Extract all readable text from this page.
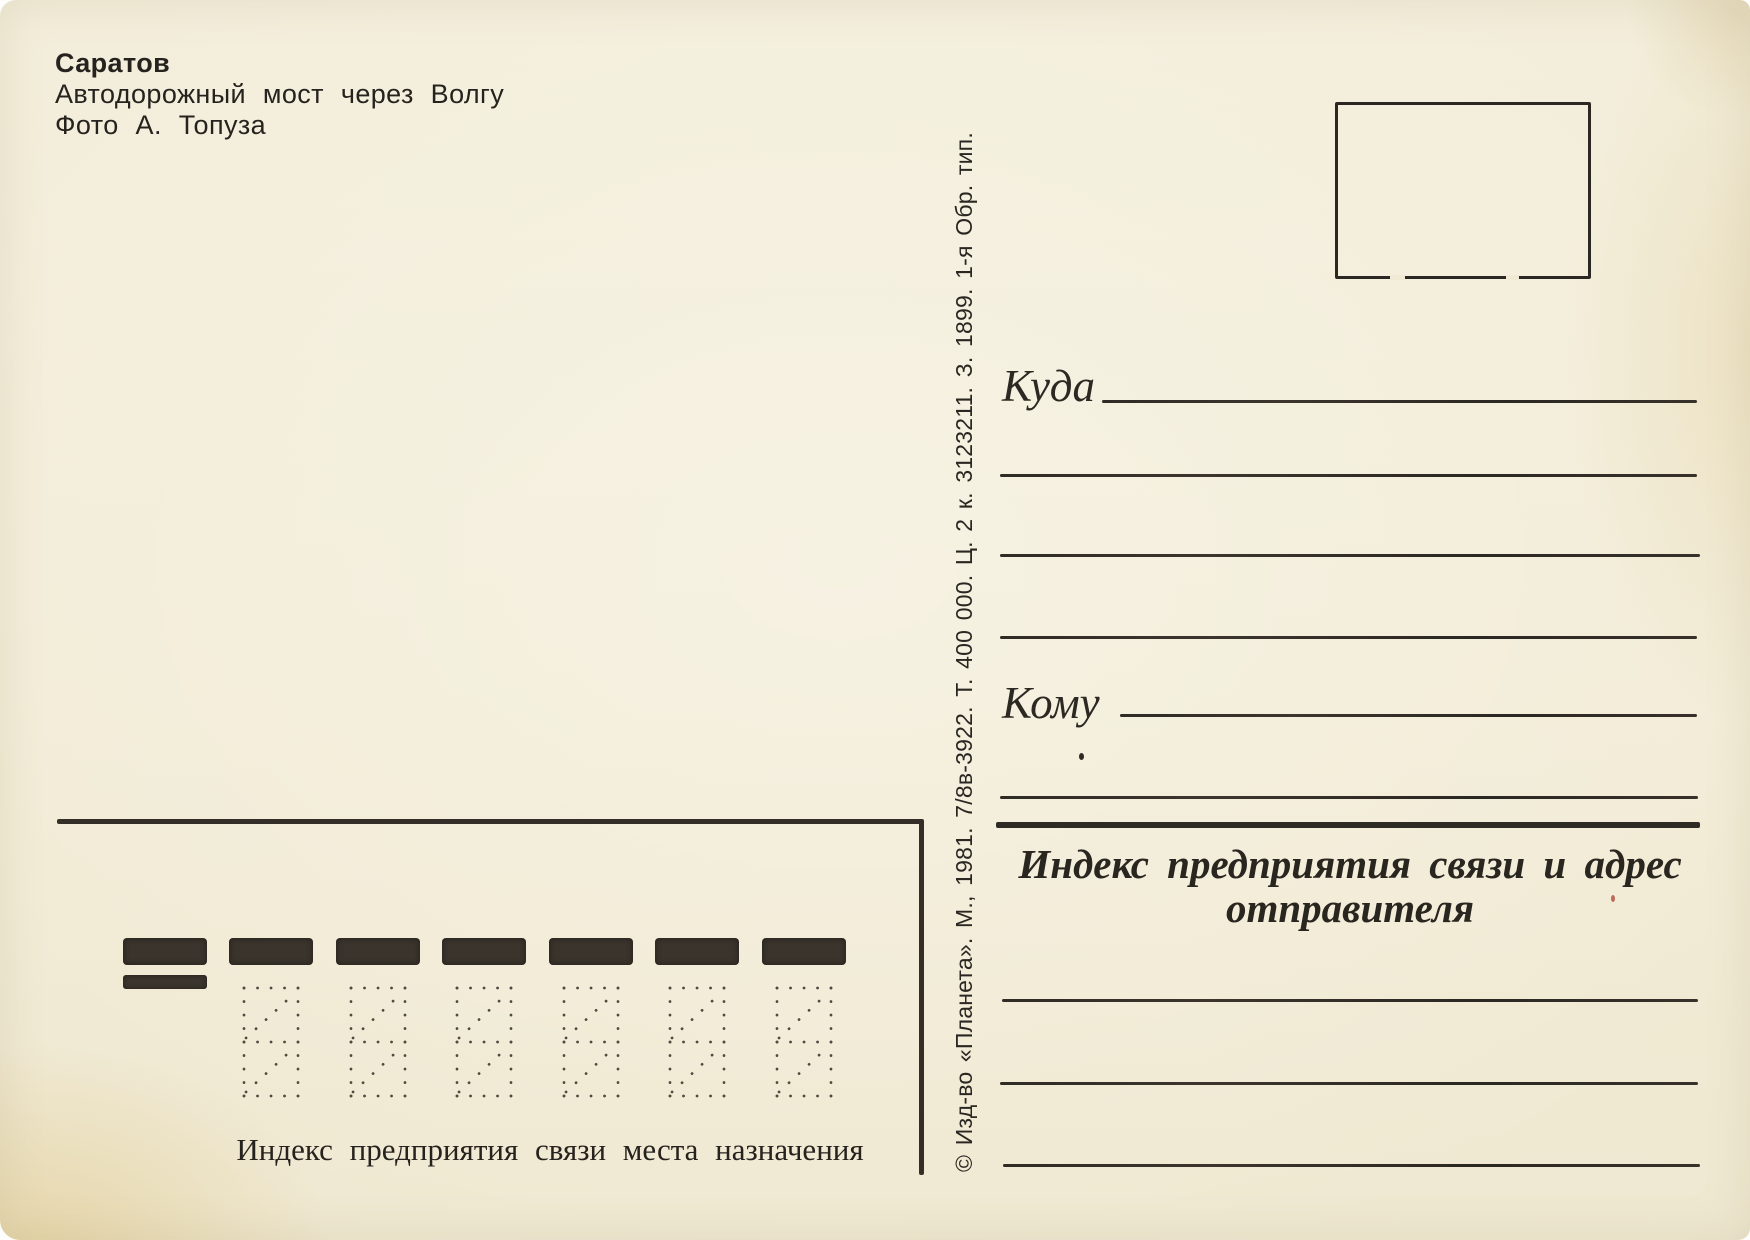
Саратов
Автодорожный мост через Волгу
Фото А. Топуза
© Изд-во «Планета». М., 1981. 7/8в-3922. Т. 400 000. Ц. 2 к. 3123211. З. 1899. 1-я Обр. тип.
Индекс предприятия связи места назначения
Куда
Кому
Индекс предприятия связи и адрес
отправителя
